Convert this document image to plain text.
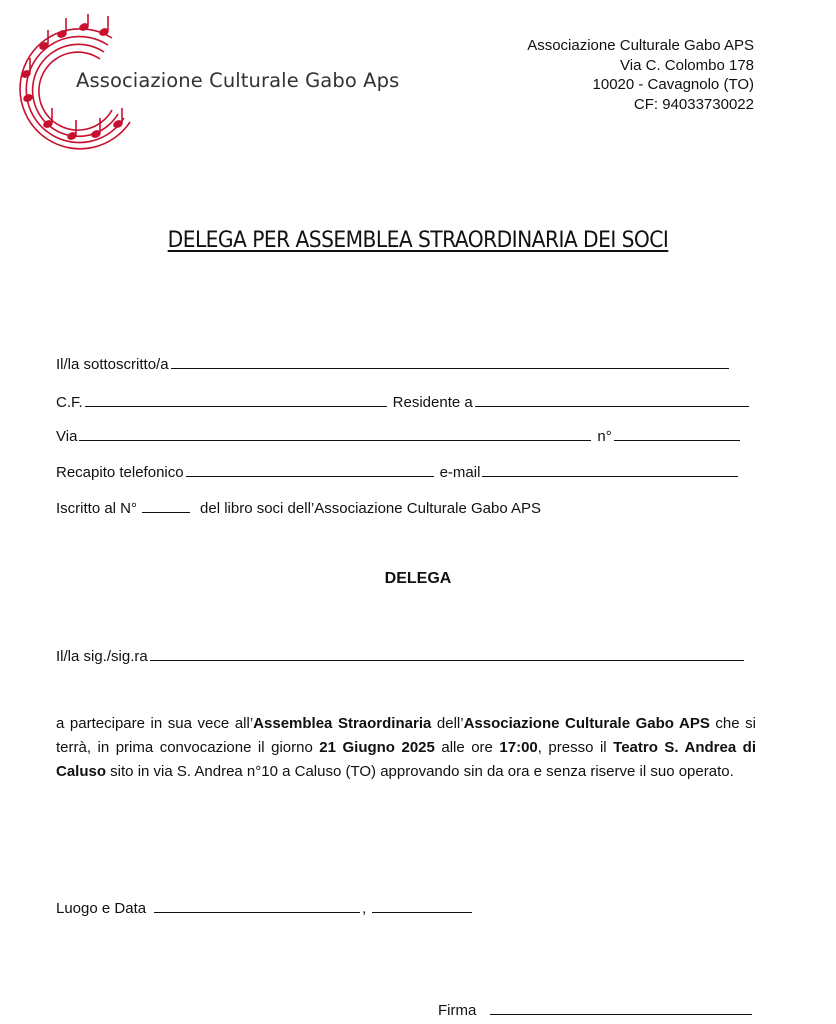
Associazione Culturale Gabo Aps
Associazione Culturale Gabo APS
Via C. Colombo 178
10020 - Cavagnolo (TO)
CF: 94033730022
DELEGA PER ASSEMBLEA STRAORDINARIA DEI SOCI
Il/la sottoscritto/a
C.F.	Residente a
Via	n°
Recapito telefonico	e-mail
Iscritto al N°	del libro soci dell’Associazione Culturale Gabo APS
DELEGA
Il/la sig./sig.ra
a partecipare in sua vece all’Assemblea Straordinaria dell’Associazione Culturale Gabo APS che si terrà, in prima convocazione il giorno 21 Giugno 2025 alle ore 17:00, presso il Teatro S. Andrea di Caluso sito in via S. Andrea n°10 a Caluso (TO) approvando sin da ora e senza riserve il suo operato.
Luogo e Data	,
Firma
